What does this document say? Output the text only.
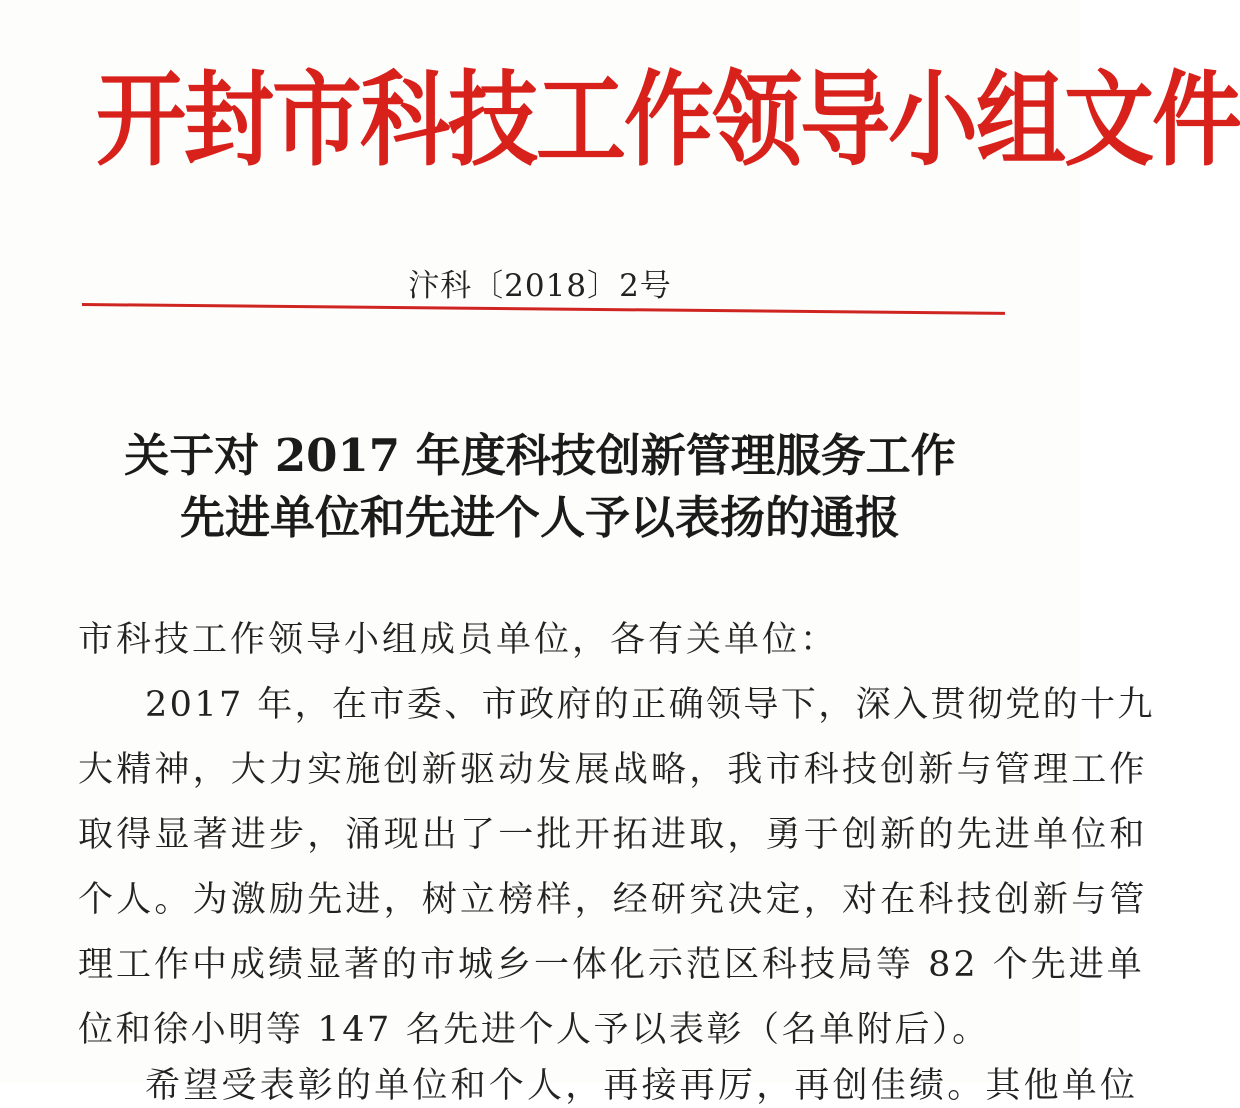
开封市科技工作领导小组文件
汴科〔2018〕2号
关于对 2017 年度科技创新管理服务工作
先进单位和先进个人予以表扬的通报
市科技工作领导小组成员单位，各有关单位：
2017 年，在市委、市政府的正确领导下，深入贯彻党的十九
大精神，大力实施创新驱动发展战略，我市科技创新与管理工作
取得显著进步，涌现出了一批开拓进取，勇于创新的先进单位和
个人。为激励先进，树立榜样，经研究决定，对在科技创新与管
理工作中成绩显著的市城乡一体化示范区科技局等 82 个先进单
位和徐小明等 147 名先进个人予以表彰（名单附后）。
希望受表彰的单位和个人，再接再厉，再创佳绩。其他单位
